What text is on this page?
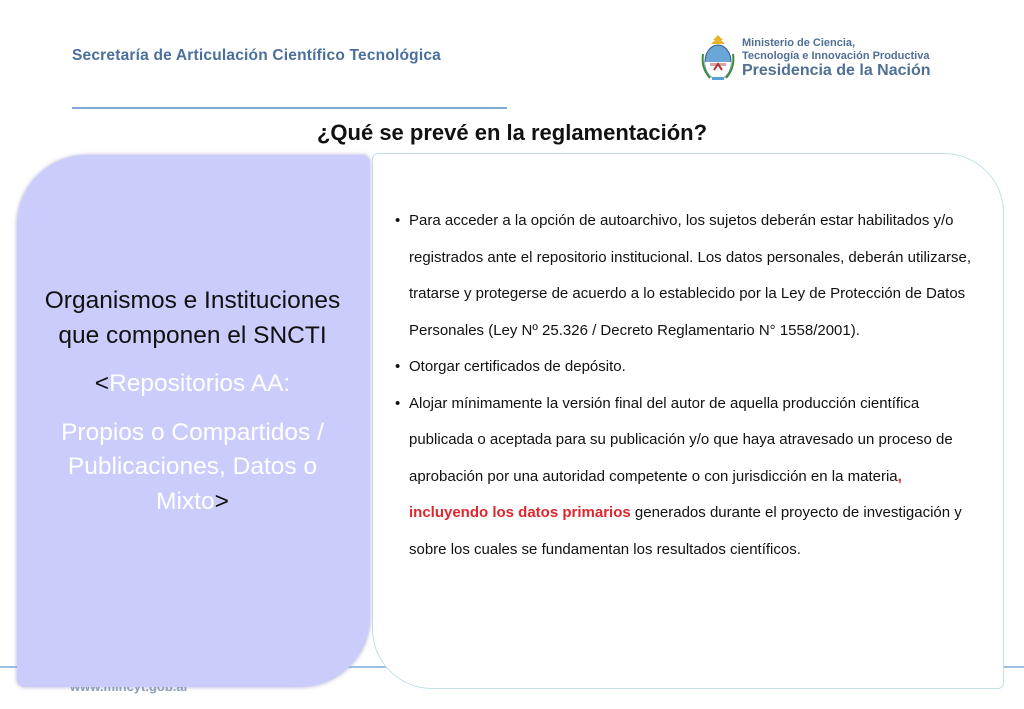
Secretaría de Articulación Científico Tecnológica
Ministerio de Ciencia,
Tecnología e Innovación Productiva
Presidencia de la Nación
¿Qué se prevé en la reglamentación?
• Para acceder a la opción de autoarchivo, los sujetos deberán estar habilitados y/o registrados ante el repositorio institucional. Los datos personales, deberán utilizarse, tratarse y protegerse de acuerdo a lo establecido por la Ley de Protección de Datos Personales (Ley Nº 25.326 / Decreto Reglamentario N° 1558/2001).
• Otorgar certificados de depósito.
• Alojar mínimamente la versión final del autor de aquella producción científica publicada o aceptada para su publicación y/o que haya atravesado un proceso de aprobación por una autoridad competente o con jurisdicción en la materia, incluyendo los datos primarios generados durante el proyecto de investigación y sobre los cuales se fundamentan los resultados científicos.
Organismos e Instituciones que componen el SNCTI
<Repositorios AA:
Propios o Compartidos / Publicaciones, Datos o Mixto>
